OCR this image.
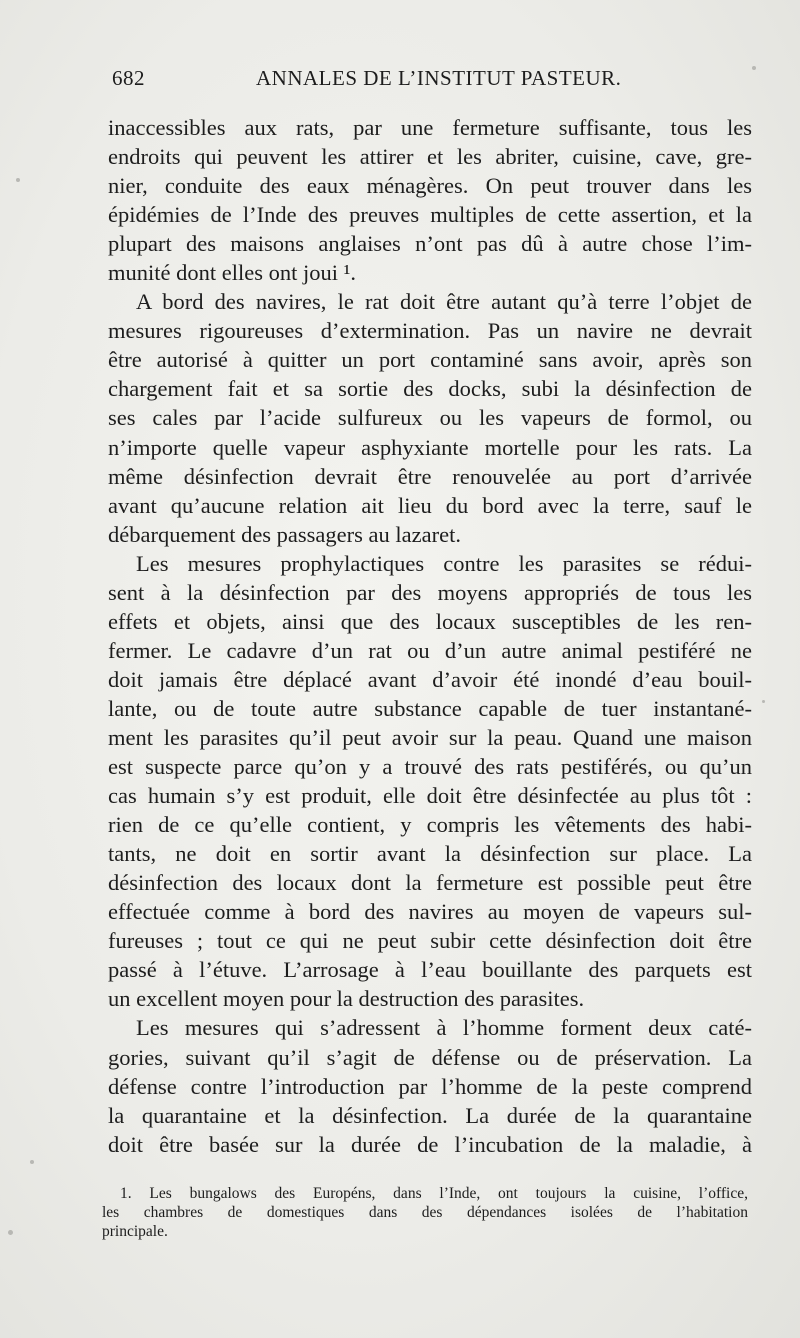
682	ANNALES DE L’INSTITUT PASTEUR.
inaccessibles aux rats, par une fermeture suffisante, tous les
endroits qui peuvent les attirer et les abriter, cuisine, cave, gre-
nier, conduite des eaux ménagères. On peut trouver dans les
épidémies de l’Inde des preuves multiples de cette assertion, et la
plupart des maisons anglaises n’ont pas dû à autre chose l’im-
munité dont elles ont joui ¹.
A bord des navires, le rat doit être autant qu’à terre l’objet de
mesures rigoureuses d’extermination. Pas un navire ne devrait
être autorisé à quitter un port contaminé sans avoir, après son
chargement fait et sa sortie des docks, subi la désinfection de
ses cales par l’acide sulfureux ou les vapeurs de formol, ou
n’importe quelle vapeur asphyxiante mortelle pour les rats. La
même désinfection devrait être renouvelée au port d’arrivée
avant qu’aucune relation ait lieu du bord avec la terre, sauf le
débarquement des passagers au lazaret.
Les mesures prophylactiques contre les parasites se rédui-
sent à la désinfection par des moyens appropriés de tous les
effets et objets, ainsi que des locaux susceptibles de les ren-
fermer. Le cadavre d’un rat ou d’un autre animal pestiféré ne
doit jamais être déplacé avant d’avoir été inondé d’eau bouil-
lante, ou de toute autre substance capable de tuer instantané-
ment les parasites qu’il peut avoir sur la peau. Quand une maison
est suspecte parce qu’on y a trouvé des rats pestiférés, ou qu’un
cas humain s’y est produit, elle doit être désinfectée au plus tôt :
rien de ce qu’elle contient, y compris les vêtements des habi-
tants, ne doit en sortir avant la désinfection sur place. La
désinfection des locaux dont la fermeture est possible peut être
effectuée comme à bord des navires au moyen de vapeurs sul-
fureuses ; tout ce qui ne peut subir cette désinfection doit être
passé à l’étuve. L’arrosage à l’eau bouillante des parquets est
un excellent moyen pour la destruction des parasites.
Les mesures qui s’adressent à l’homme forment deux caté-
gories, suivant qu’il s’agit de défense ou de préservation. La
défense contre l’introduction par l’homme de la peste comprend
la quarantaine et la désinfection. La durée de la quarantaine
doit être basée sur la durée de l’incubation de la maladie, à
1. Les bungalows des Européns, dans l’Inde, ont toujours la cuisine, l’office,
les chambres de domestiques dans des dépendances isolées de l’habitation
principale.
